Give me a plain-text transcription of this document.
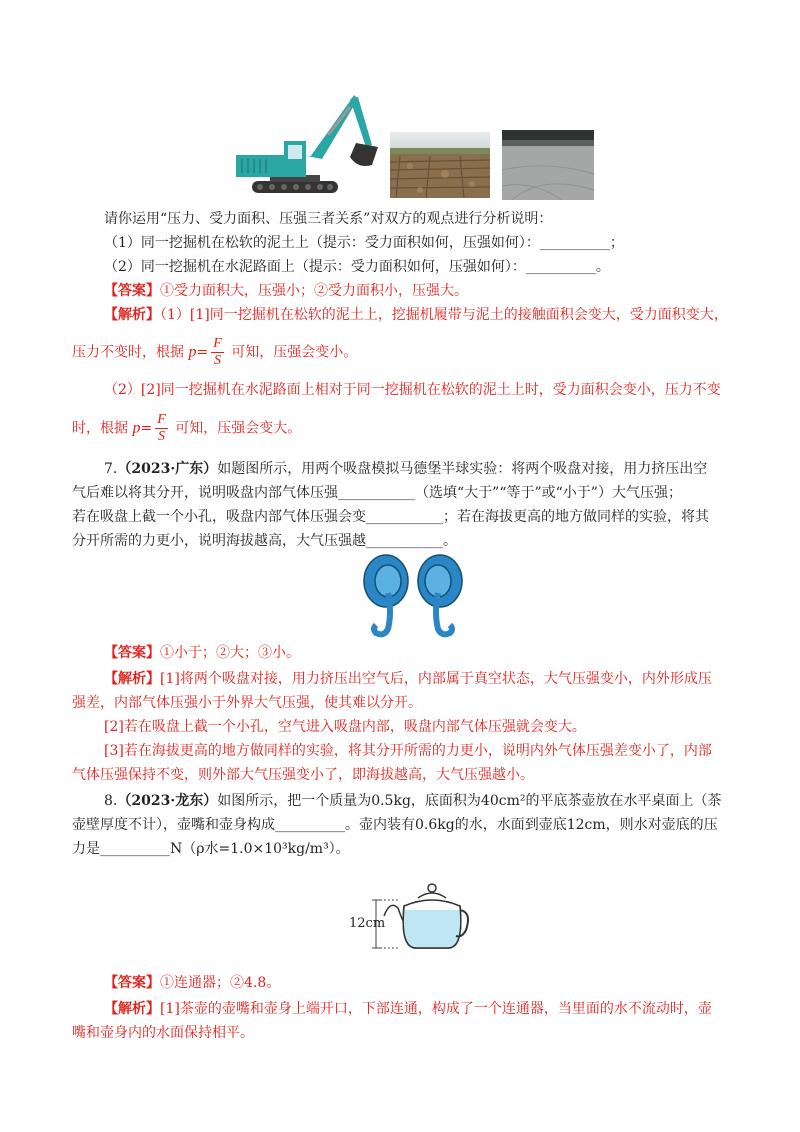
请你运用“压力、受力面积、压强三者关系”对双方的观点进行分析说明：
（1）同一挖掘机在松软的泥土上（提示：受力面积如何，压强如何）：__________；
（2）同一挖掘机在水泥路面上（提示：受力面积如何，压强如何）：__________。
【答案】①受力面积大，压强小；②受力面积小，压强大。
【解析】（1）[1]同一挖掘机在松软的泥土上，挖掘机履带与泥土的接触面积会变大，受力面积变大，
压力不变时，根据 $p= \frac{F}{S}$ 可知，压强会变小。
（2）[2]同一挖掘机在水泥路面上相对于同一挖掘机在松软的泥土上时，受力面积会变小，压力不变
时，根据 $p= \frac{F}{S}$ 可知，压强会变大。
7.（2023·广东）如题图所示，用两个吸盘模拟马德堡半球实验：将两个吸盘对接，用力挤压出空
气后难以将其分开，说明吸盘内部气体压强___________（选填“大于”“等于”或“小于”）大气压强；
若在吸盘上截一个小孔，吸盘内部气体压强会变___________；若在海拔更高的地方做同样的实验，将其
分开所需的力更小，说明海拔越高，大气压强越___________。
【答案】①小于；②大；③小。
【解析】[1]将两个吸盘对接，用力挤压出空气后，内部属于真空状态，大气压强变小，内外形成压
强差，内部气体压强小于外界大气压强，使其难以分开。
[2]若在吸盘上截一个小孔，空气进入吸盘内部，吸盘内部气体压强就会变大。
[3]若在海拔更高的地方做同样的实验，将其分开所需的力更小，说明内外气体压强差变小了，内部
气体压强保持不变，则外部大气压强变小了，即海拔越高，大气压强越小。
8.（2023·龙东）如图所示，把一个质量为0.5kg，底面积为40cm²的平底茶壶放在水平桌面上（茶
壶壁厚度不计），壶嘴和壶身构成__________。壶内装有0.6kg的水，水面到壶底12cm，则水对壶底的压
力是__________N（ρ水=1.0×10³kg/m³）。
12cm
【答案】①连通器；②4.8。
【解析】[1]茶壶的壶嘴和壶身上端开口，下部连通，构成了一个连通器，当里面的水不流动时，壶
嘴和壶身内的水面保持相平。
